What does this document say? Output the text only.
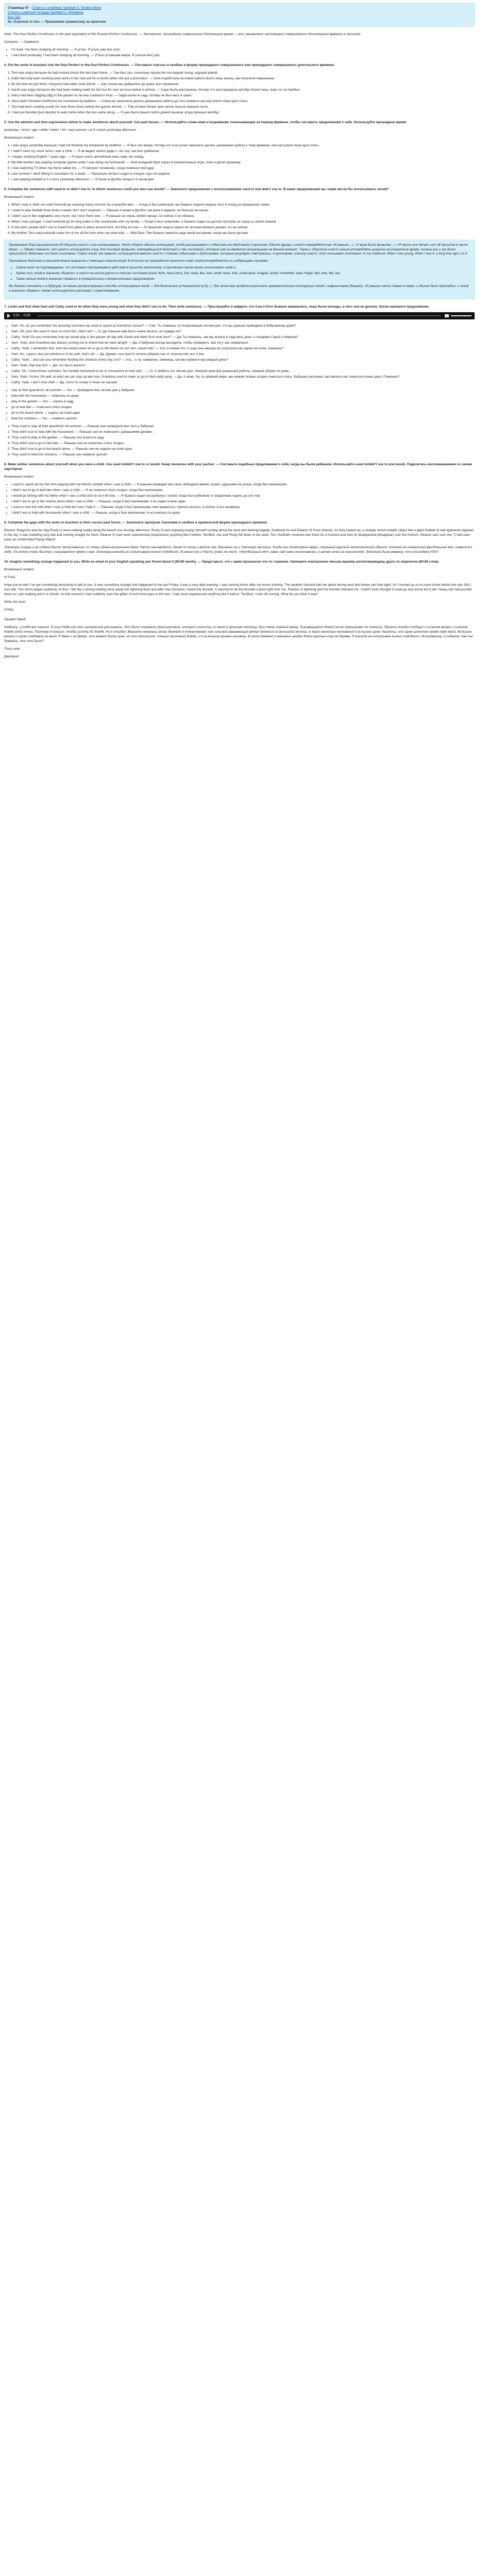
Страница 47 – Ответы к учебнику Spotlight 5. Student Book
Ответы к рабочей тетради Spotlight 5. Workbook
Все ГДЗ
5e. Grammar in Use — Применяем грамматику на практике

Note: The Past Perfect Continuous is the past equivalent of the Present Perfect Continuous. — Запомните: прошедшее совершенное длительное время — это эквивалент настоящего совершенного длительного времени в прошлом

Compare: — Сравните:

• I'm tired. I've been studying all morning. — Я устал. Я учусь уже все утро.
• I was tired yesterday. I had been studying all morning. — Я был уставшим вчера. Я учился все утро.

4. Put the verbs in brackets into the Past Perfect or the Past Perfect Continuous. — Поставьте глаголы в скобках в форму прошедшего совершенного или прошедшего совершенного длительного времени.

1. Tom was angry because he had missed (miss) the last tram home. — Том был зол, поскольку пропустил последний поезд, идущий домой.
2. Katie had only been working (only work) in her new job for a month when she got a promotion. — Кэти отработала на новой работе всего лишь месяц, как получила повышение.
3. By the time we got there, everyone had eaten (eat) dinner. — Как только мы добрались до дома, все поужинали.
4. Sarah was angry because she had been waiting (wait) for the bus for over an hour before it arrived. — Сара была расстроена, потому что она прождала автобус более часа, пока тот не прибыл.
5. Harry had been digging (dig) in the garden so he was covered in mud. — Гарри копал в саду, потому он был весь в грязи.
6. Alice hadn't finished (not/finish) her homework by bedtime. — Алиса не закончила делать домашнюю работу до того момента как наступило пора идти спать.
7. Tom had been cooking (cook) for over three hours before the guests arrived. — Том готовил более трех часов пока не пришли гости.
8. I had just decided (just decide) to walk home when the bus came along. — Я уже было решил пойти домой пешком, когда приехал автобус.

5. Use the adverbs and time expressions below to make sentences about yourself. Use past tenses. — Используйте слова ниже и выражения, показывающие на период времени, чтобы составить предложения о себе. Используйте прошедшее время.

yesterday • since • ago • while • when • for • last summer • at 5 o'clock yesterday afternoon

Возможный ответ:

1. I was angry yesterday because I had not finished my homework by bedtime. — Я был зол вчера, потому что я не успел закончить делать домашнюю работу к тому времени, как наступила пора идти спать.
2. I hadn't seen my uncle since I was a child. — Я не видел своего дядю с тех пор, как был ребенком.
3. I began studying English 7 years ago. — Я начал учить английский язык семь лет назад.
4. My little brother was playing computer games while I was doing my homework. — Мой младший брат играл в компьютерные игры, пока я делал домашку.
5. I was watching TV when my friend called me. — Я смотрел телевизор, когда позвонил мой друг.
6. Last summer I went hiking in mountains for a week. — Прошлым летом я ходил в поход в горы на неделю.
7. I was playing football at 5 o'clock yesterday afternoon. — Я играл в футбол вчера в 5 часов дня.

6. Complete the sentences with used to or didn't use to. In which sentences could you also use would? — Закончите предложения с использованием used to или didn't use to. В каких предложениях вы также могли бы использовать would?

Возможный ответ:

1. When I was a child, we used to/would go camping every summer by a beautiful lake. — Когда я был ребенком, мы бывало ходили каждое лето в поход на прекрасное озеро.
2. I used to play football three times a week, but I don't anymore. — Раньше я играл в футбол три раза в неделю, но больше не играю.
3. I didn't use to like vegetables very much, but I love them now. — Я раньше не очень любил овощи, но сейчас я их обожаю.
4. When I was younger, I used to/would go for long walks in the countryside with my family. — Когда я был помоложе, я бывало ходил на долгие прогулки за город со своей семьей.
5. In the past, people didn't use to travel from place to place around here, but they do now. — В прошлом люди в округе не путешествовали далеко, но не сейчас.
6. My brother Tom used to/would make fun of me all the time when we were kids. — Мой брат Том бывало смеялся надо мной все время, когда мы были детьми.

Примечание! Еще раз разъясним об обороте used to и его использовании. Этот оборот обычно используют, когда рассказывают о событиях или действиях в прошлом. Обычно фразы с used to переводятся как «Я раньше...», «У меня была привычка...», «Я часто это делал» или «В прошлом я часто делал...». Однако помните, что used to используется лишь для описания привычек, повторяющихся действий и тех состояний, которые уже не являются актуальными на данный момент. Также с оборотом used to нельзя употреблять указание на конкретное время, сколько раз и как долго происходило действие или было состояние. Глагол would, как правило, используется вместо used to с такими событиями и действиями, которые регулярно повторялись, в противовес глаголу used to, тот описывает состояние. In my childhood, When I was young, When I was 6, a long time ago и т.д.

Прошедшие действия в прошлом можно выразить с помощью глагола would. В отличие от прошедшего простого could, would употребляется со следующими случаями:

• Самое носит не подтверждение, что постоянно повторяющиеся действия в прошлом закончились, в противном случае нужно использовать used to.
• Кроме того, would в значении «бывало» и used to не используются в глаголах состояния (know, think, have (own), live, need, like, love, smell, taste, look, understand, imagine, doubt, remember, want, forget, feel, love, like, be).
• Также нельзя would в значении «бывало» в отрицательных и вопросительных предложениях.

Вы должны понимать и в будущем, не менее распространены способы использования would — для безопасных установлений (в бу...). При этом нам придется различать грамматические конструкции would с инфинитивом (бывало): «Я раньше часто плавал в озере, и обычно было прохладно» и would в значении «бывало» также используется в рассказах и повествованиях.

7. Listen and find what Sam and Cathy used to do when they were young and what they didn't use to do. Then write sentences. — Прослушайте и найдите, что Сэм и Кэти бывало занимались, пока были молоды, и чего они не делали. Затем напишите предложения.

0:00 /
0:56
• Sam: So, do you remember the amazing summers we used to spend at Grandma's house? — Сэм: Ты помнишь те потрясающие летние дни, что мы раньше проводили в бабушкином доме?
• Sam: Oh, yes! We used to have so much fun, didn't we? — О, да! Раньше нам было очень весело, не правда ли?
• Cathy: Yeah! Do you remember how we would play in the garden all day with Sarah and Mark from next door? — Да! Ты помнишь, как мы играли в саду весь день с соседями Сарой и Марком?
• Sam: Yeah, and Grandma was always coming out to check that we were alright! — Да, и бабушка всегда выходила, чтобы проверить, все ли у нас нормально!
• Cathy: Yeah, I remember that. And she would never let us go to the beach on our own, would she? — Ага, я помню это. А еще она никогда не отпускала нас одних на пляж, помнишь?
• Sam: No. I guess she just wanted us to be safe, that's all. — Да. Думаю, она просто хотела уберечь нас от опасностей, вот и все.
• Cathy: Yeah... and can you remember feeding the chickens every day, too? — Ага... и ты, наверное, помнишь, как мы кормили кур каждый день?
• Sam: Yeah, that was fun! — Да, это было весело!
• Cathy: Oh, I loved those summers. No horrible homework to do or housework to help with… — О, я любила это летнее дни. Никакой ужасной домашней работы, никакой уборки по дому…
• Sam: Yeah, I know. Oh well, at least we can stay up late now. Grandma used to make us go to bed really early. — Да, я знаю. Ну, по крайней мере, мы можем теперь поздно ложиться спать. Бабушка частенько заставляла нас ложиться очень рано. Помнишь?
• Cathy: Yeah, I don't miss that! — Да, этого по этому я точно не скучаю!
• stay at their grandma's all summer — Yes — проводили все летние дни у бабушки
• help with the housework — помогать по дому
• play in the garden — Yes — играть в саду
• go to bed late — ложиться спать поздно
• go to the beach alone — ходить на пляж одни
• feed the chickens — Yes — кормить цыплят
1. They used to stay at their grandma's all summer. — Раньше они проводили все лето у бабушки.
2. They didn't use to help with the housework. — Раньше они не помогали с домашними делами.
3. They used to play in the garden. — Раньше они играли в саду.
4. They didn't use to go to bed late. — Раньше они не ложились спать поздно.
5. They didn't use to go to the beach alone. — Раньше они не ходили на пляж одни.
6. They used to feed the chickens. — Раньше они кормили цыплят.

8. Make similar sentences about yourself when you were a child. Use used to/didn't use to or would. Swap memories with your partner. — Составьте подобные предложения о себе, когда вы были ребенком. Используйте used to/didn't use to или would. Поделитесь воспоминаниями со своим партнером.

Возможный ответ:

• I used to spend all my free time playing with my friends outside when I was a child. — Я раньше проводил все свое свободное время, играя с друзьями на улице, когда был маленьким.
• I didn't use to go to bed late when I was a child. — Я не ложился спать поздно, когда был маленьким.
• I would go fishing with my father when I was a child and on do it till now. — Я бывало ходил на рыбалку с папой, когда был ребенком, и продолжаю ходить до сих пор.
• I didn't use to go to the cinema alone when I was a child. — Раньше, когда я был маленьким, я не ходил в кино один.
• I used to love hot milk when I was a child but now I hate it. — Раньше, когда я был маленьким, мне нравилось горячее молоко, а сейчас я его ненавижу.
• I didn't use to help with housework when I was a child. — Раньше, когда я был маленьким, я не помогал по дому.

9. Complete the gaps with the verbs in brackets in their correct past forms. — Заполните пропуски глаголами в скобках в правильной форме прошедшего времени.

Eleanor Seagrove and her dog Rusty 1) were walking (walk) along the beach one Sunday afternoon. Rusty 2) was enjoying (enjoy) himself running along the sand and barking happily. Suddenly he and Eleanor 3) froze (freeze). As they looked up, a strange round metallic object like a giant football 4) had appeared (appear) in the sky. It was travelling very fast and coming straight for them. Eleanor 5) had never experienced (experience) anything like it before. Terrified, she and Rusty fell down in the sand. The «football» hovered over them for a moment and then 6) disappeared (disappear) over the horizon. Eleanor was sure she 7) had seen (see) an Unidentified Flying Object!

Элеонора Сигрув и ее собака Расти прогуливались по пляжу одним воскресным днем. Расти наслаждался, бегая по песку и весело лая. Внезапно он и Элеонора застыли. Когда они посмотрели вверх, странный круглый металлический объект, похожий на гигантский футбольный мяч, появился в небе. Он летел очень быстро и направлялся прямо к ним. Элеонора никогда не испытывала ничего подобного. В ужасе она и Расти упали на песок. «Футбольный мяч» завис над ними на мгновение, а затем исчез за горизонтом. Элеонора была уверена, что она видела НЛО!

10. Imagine something strange happened to you. Write an email to your English-speaking pen friend about it (60-80 words). — Представьте, что с вами произошло что-то странное. Напишите электронное письмо вашему англоговорящему другу по переписке (60-80 слов).

Возможный ответ:

Hi Fred,

Hope you're well. I've got something interesting to talk to you. It was something strange that happened to me last Friday. It was a very dark evening. I was coming home after my tennis training. The weather forecast told me about strong wind and heavy rain that night. So I hurried up so to come home before the rain. But I was late. The storm began suddenly. At first, I felt like a strong howling wind swept the lightning flash and after few moments I heard the thunder. It seemed to be the thunder roared right over me. Flashes of lightning and the thunder followed me. I hadn't even thought it could go any worse but it did. Heavy rain had poured down so I got soaking wet in a minute. At that moment I had suddenly seen the glitter of red-home eyes in the tree. I had never experienced anything like it before. Terrified, I took off running. What do you think it was?

Write me soon,

Dmitry

Привет Фред,

Надеюсь, у тебя все хорошо. Я хочу тебе кое-что интересное рассказать. Это было странное происшествие, которое случилось со мной в прошлую пятницу. Был очень темный вечер. Я возвращался домой после тренировки по теннису. Прогноз погоды сообщил о сильном ветре и сильном дожде этой ночью. Поэтому я спешил, чтобы успеть до дождя. Но я опоздал. Внезапно началась гроза. Вначале я почувствовал, как сильный завывающий ветер пронесся со вспышкой молнии, а через несколько мгновений я услышал гром. Казалось, что гром грохотал прямо надо мной. Вспышки молнии и гром следовали за мной. Я даже и не думал, что может быть хуже, но это произошло. Хлынул проливной дождь, и я за минуту промок насквозь. В этот момент я внезапно увидел блеск красных глаз на дереве. Я никогда не испытывал ничего подобного. Испугавшись, я побежал. Как ты думаешь, что это было?

Пиши мне,

Дмитрий
